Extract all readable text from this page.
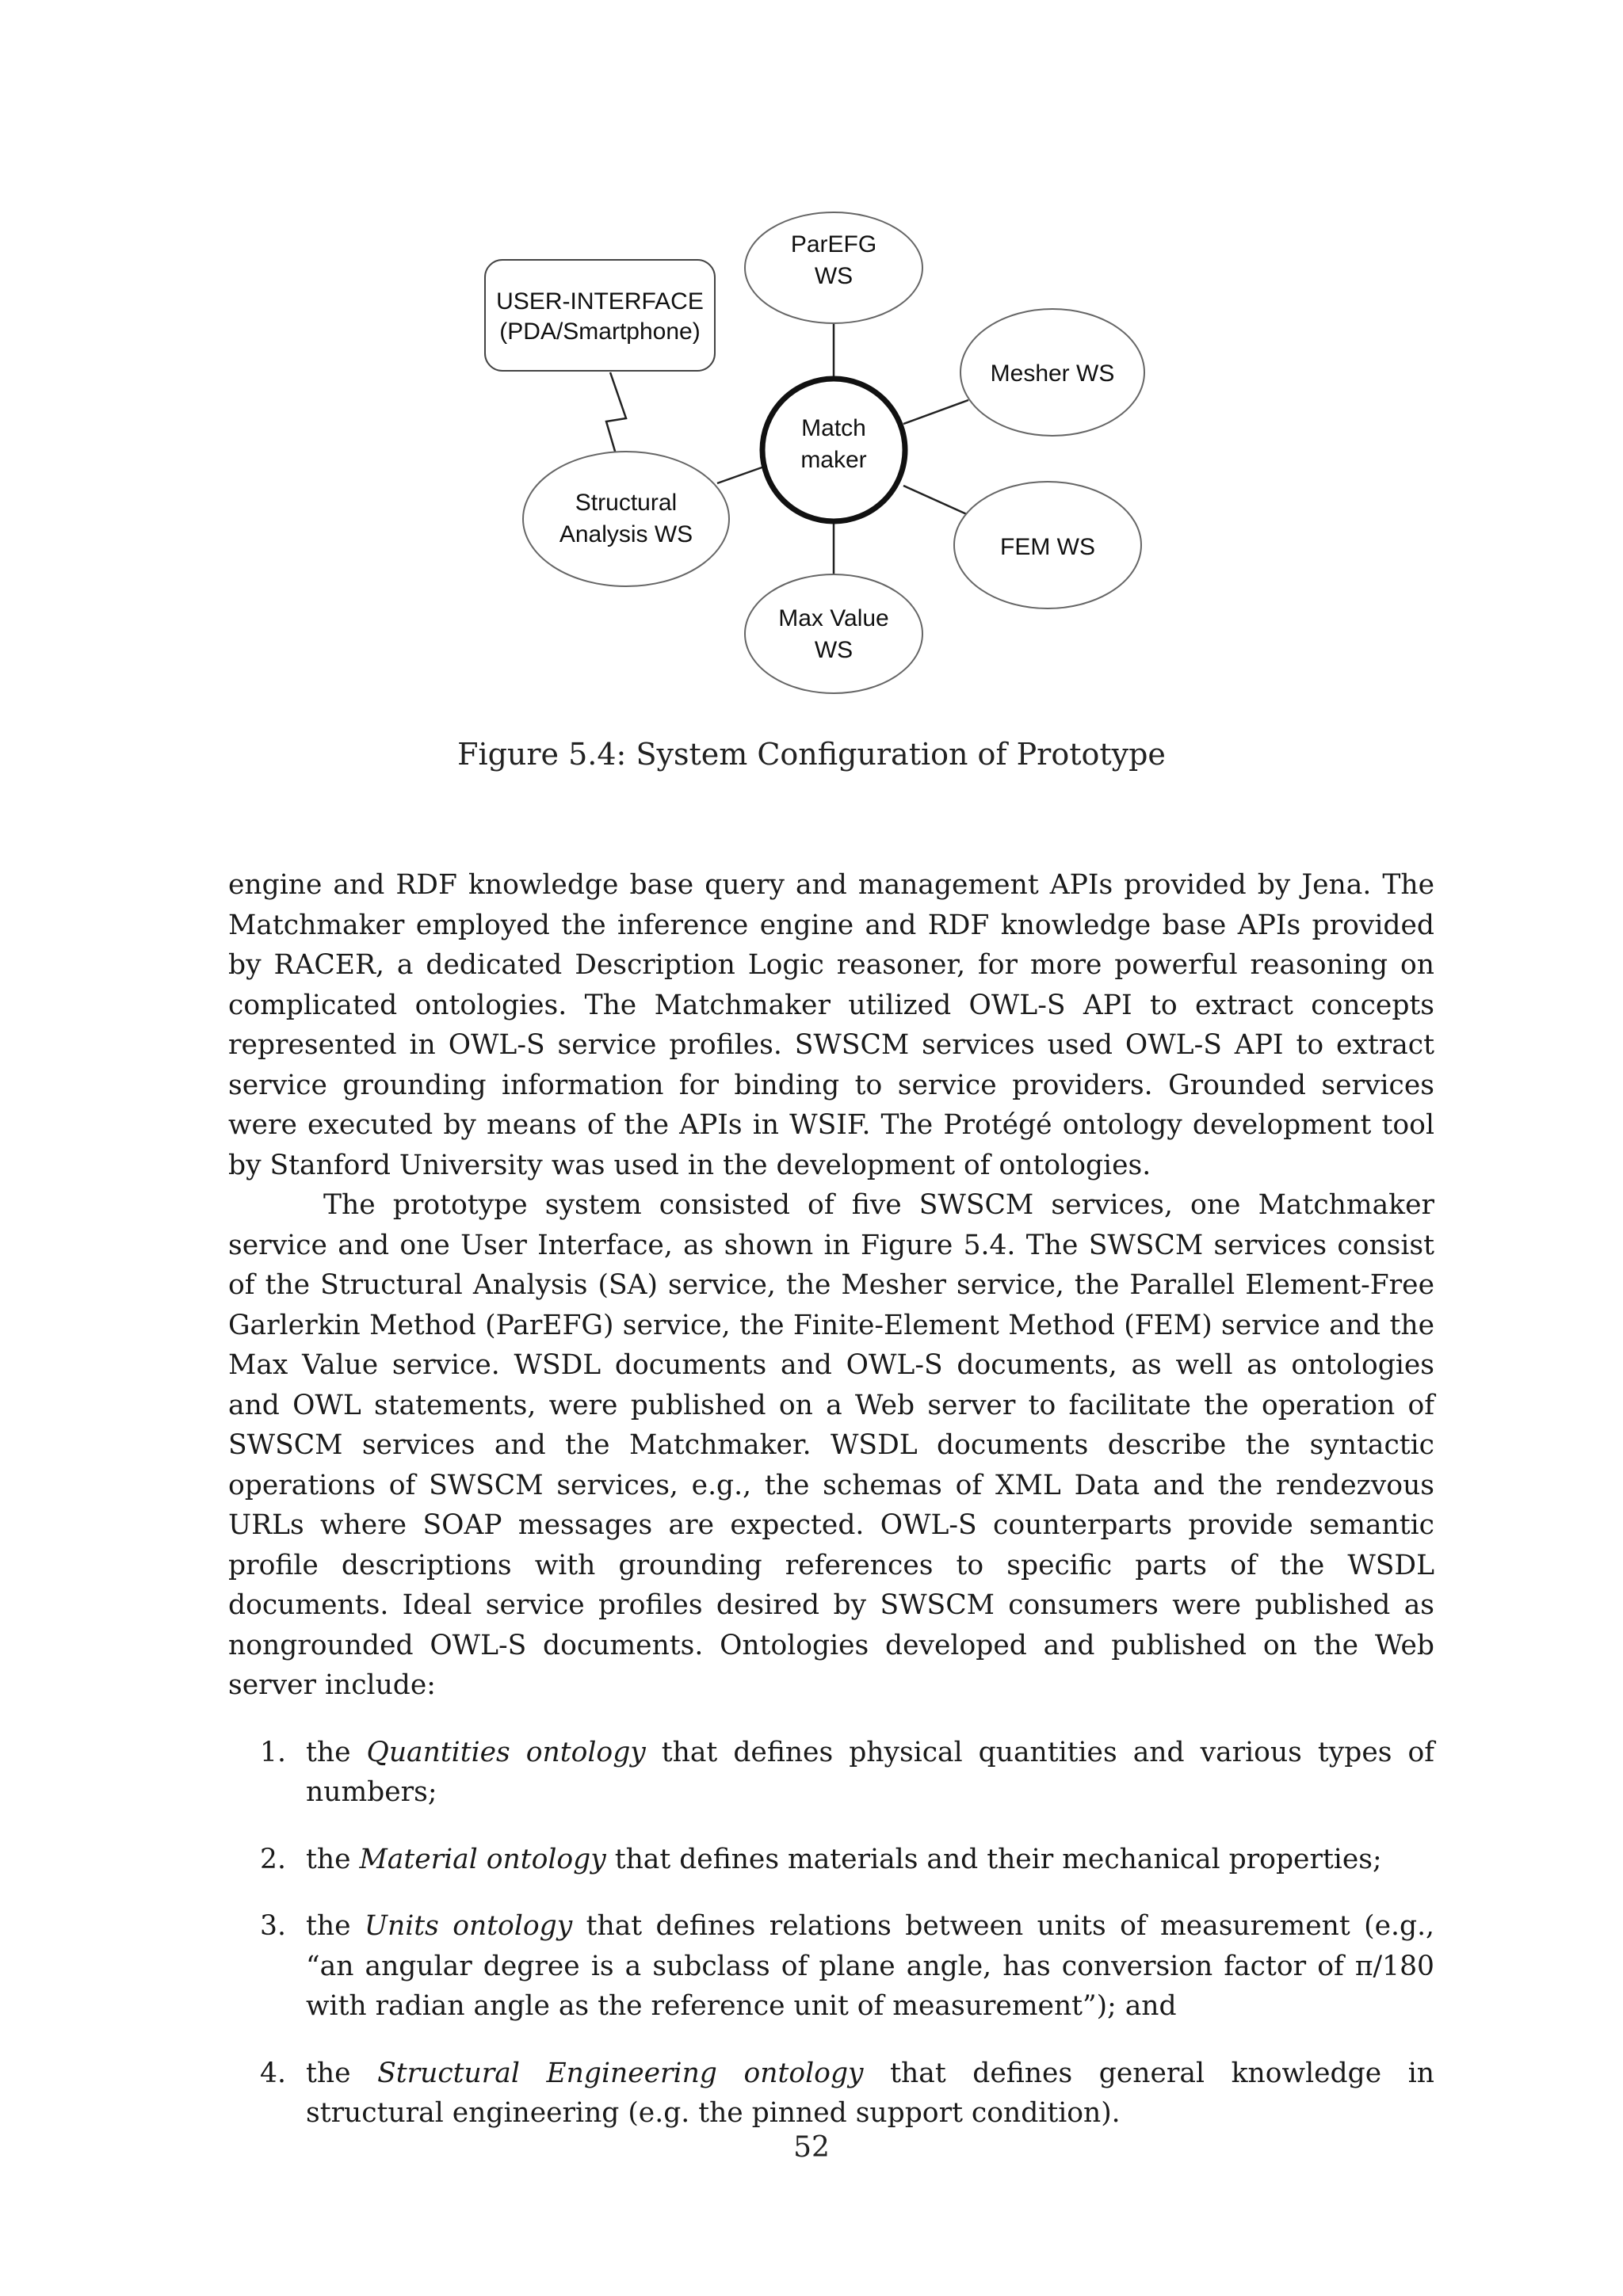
USER-INTERFACE
(PDA/Smartphone)
ParEFG
WS
Mesher WS
Match
maker
Structural
Analysis WS	FEM WS
Max Value
WS
Figure 5.4: System Configuration of Prototype

engine and RDF knowledge base query and management APIs provided by Jena. The Matchmaker employed the inference engine and RDF knowledge base APIs provided by RACER, a dedicated Description Logic reasoner, for more powerful reasoning on complicated ontologies. The Matchmaker utilized OWL-S API to extract concepts represented in OWL-S service profiles. SWSCM services used OWL-S API to extract service grounding information for binding to service providers. Grounded services were executed by means of the APIs in WSIF. The Protégé ontology development tool by Stanford University was used in the development of ontologies.

The prototype system consisted of five SWSCM services, one Matchmaker service and one User Interface, as shown in Figure 5.4. The SWSCM services consist of the Structural Analysis (SA) service, the Mesher service, the Parallel Element-Free Garlerkin Method (ParEFG) service, the Finite-Element Method (FEM) service and the Max Value service. WSDL documents and OWL-S documents, as well as ontologies and OWL statements, were published on a Web server to facilitate the operation of SWSCM services and the Matchmaker. WSDL documents describe the syntactic operations of SWSCM services, e.g., the schemas of XML Data and the rendezvous URLs where SOAP messages are expected. OWL-S counterparts provide semantic profile descriptions with grounding references to specific parts of the WSDL documents. Ideal service profiles desired by SWSCM consumers were published as nongrounded OWL-S documents. Ontologies developed and published on the Web server include:

1. the Quantities ontology that defines physical quantities and various types of numbers;
2. the Material ontology that defines materials and their mechanical properties;
3. the Units ontology that defines relations between units of measurement (e.g., “an angular degree is a subclass of plane angle, has conversion factor of π/180 with radian angle as the reference unit of measurement”); and
4. the Structural Engineering ontology that defines general knowledge in structural engineering (e.g. the pinned support condition).
52
